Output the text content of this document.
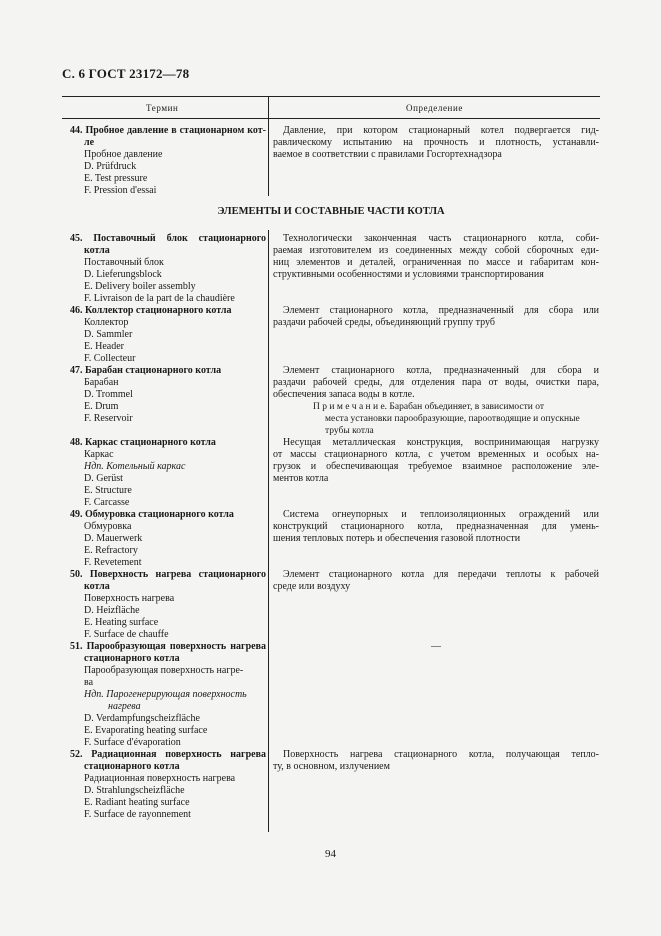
С. 6 ГОСТ 23172—78
Термин	Определение
ЭЛЕМЕНТЫ И СОСТАВНЫЕ ЧАСТИ КОТЛА
44. Пробное давление в стационарном кот-
ле
Пробное давление
D. Prüfdruck
E. Test pressure
F. Pression d'essai
Давление, при котором стационарный котел подвергается гид-
равлическому испытанию на прочность и плотность, устанавли-
ваемое в соответствии с правилами Госгортехнадзора
45. Поставочный блок стационарного
котла
Поставочный блок
D. Lieferungsblock
E. Delivery boiler assembly
F. Livraison de la part de la chaudière
Технологически законченная часть стационарного котла, соби-
раемая изготовителем из соединенных между собой сборочных еди-
ниц элементов и деталей, ограниченная по массе и габаритам кон-
структивными особенностями и условиями транспортирования
46. Коллектор стационарного котла
Коллектор
D. Sammler
E. Header
F. Collecteur
Элемент стационарного котла, предназначенный для сбора или
раздачи рабочей среды, объединяющий группу труб
47. Барабан стационарного котла
Барабан
D. Trommel
E. Drum
F. Reservoir
Элемент стационарного котла, предназначенный для сбора и
раздачи рабочей среды, для отделения пара от воды, очистки пара,
обеспечения запаса воды в котле.
П р и м е ч а н и е. Барабан объединяет, в зависимости от
места установки парообразующие, пароотводящие и опускные
трубы котла
48. Каркас стационарного котла
Каркас
Ндп. Котельный каркас
D. Gerüst
E. Structure
F. Carcasse
Несущая металлическая конструкция, воспринимающая нагрузку
от массы стационарного котла, с учетом временных и особых на-
грузок и обеспечивающая требуемое взаимное расположение эле-
ментов котла
49. Обмуровка стационарного котла
Обмуровка
D. Mauerwerk
E. Refractory
F. Revetement
Система огнеупорных и теплоизоляционных ограждений или
конструкций стационарного котла, предназначенная для умень-
шения тепловых потерь и обеспечения газовой плотности
50. Поверхность нагрева стационарного
котла
Поверхность нагрева
D. Heizfläche
E. Heating surface
F. Surface de chauffe
Элемент стационарного котла для передачи теплоты к рабочей
среде или воздуху
51. Парообразующая поверхность нагрева
стационарного котла
Парообразующая поверхность нагре-
ва
Ндп. Парогенерирующая поверхность
нагрева
D. Verdampfungscheizfläche
E. Evaporating heating surface
F. Surface d'évaporation
—
52. Радиационная поверхность нагрева
стационарного котла
Радиационная поверхность нагрева
D. Strahlungscheizfläche
E. Radiant heating surface
F. Surface de rayonnement
Поверхность нагрева стационарного котла, получающая тепло-
ту, в основном, излучением
94
